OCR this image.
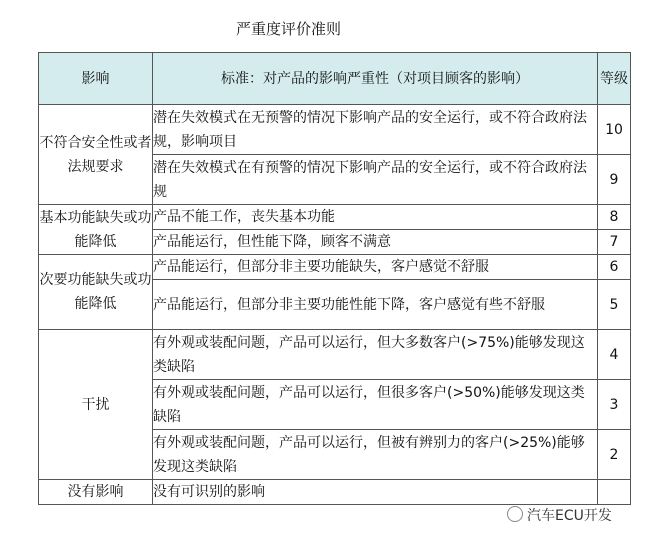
严重度评价准则
影响	标准：对产品的影响严重性（对项目顾客的影响）	等级
不符合安全性或者法规要求	潜在失效模式在无预警的情况下影响产品的安全运行，或不符合政府法规，影响项目	10
	潜在失效模式在有预警的情况下影响产品的安全运行，或不符合政府法规	9
基本功能缺失或功能降低	产品不能工作，丧失基本功能	8
	产品能运行，但性能下降，顾客不满意	7
次要功能缺失或功能降低	产品能运行，但部分非主要功能缺失，客户感觉不舒服	6
	产品能运行，但部分非主要功能性能下降，客户感觉有些不舒服	5
干扰	有外观或装配问题，产品可以运行，但大多数客户(>75%)能够发现这类缺陷	4
	有外观或装配问题，产品可以运行，但很多客户(>50%)能够发现这类缺陷	3
	有外观或装配问题，产品可以运行，但被有辨别力的客户(>25%)能够发现这类缺陷	2
没有影响	没有可识别的影响	
汽车ECU开发
